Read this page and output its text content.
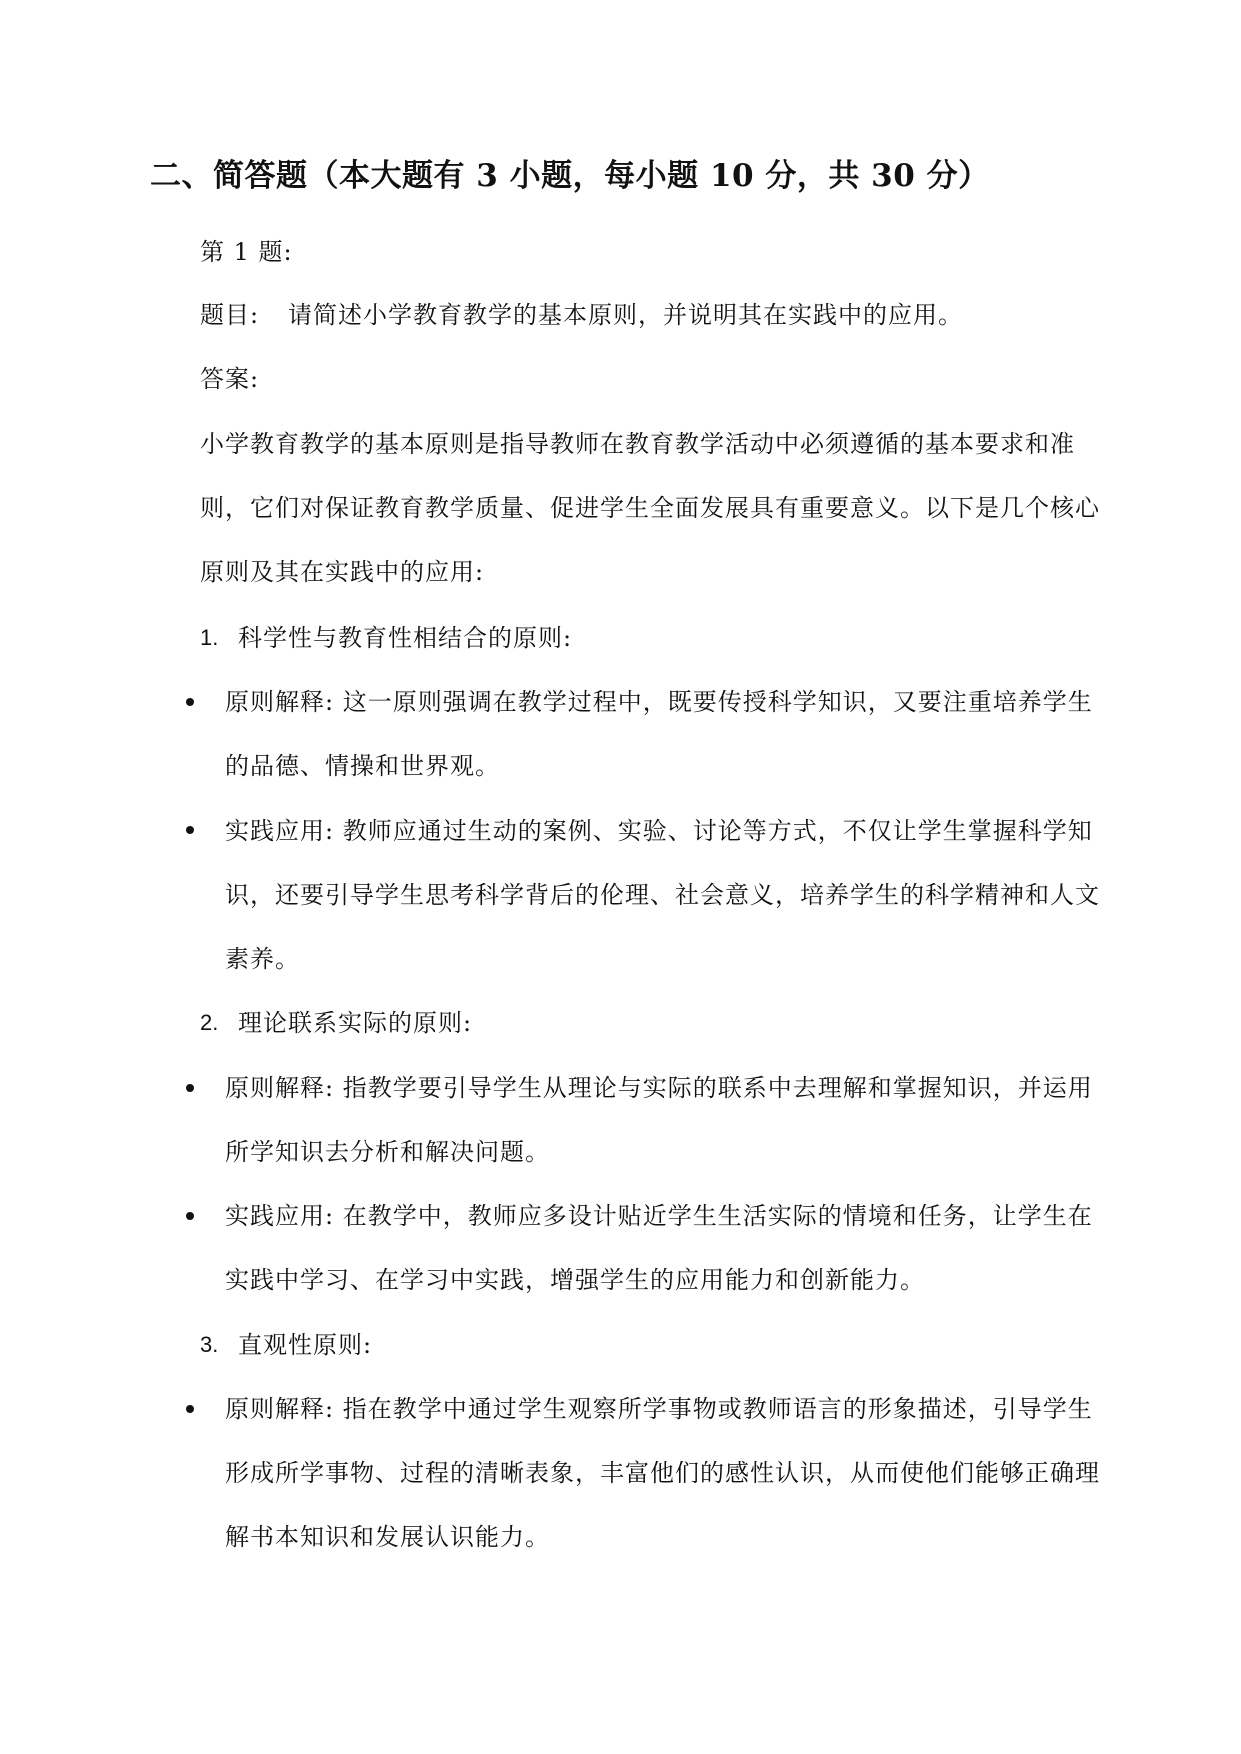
二、简答题（本大题有 3 小题，每小题 10 分，共 30 分）
第 1 题:
题目: 请简述小学教育教学的基本原则，并说明其在实践中的应用。
答案:
小学教育教学的基本原则是指导教师在教育教学活动中必须遵循的基本要求和准
则，它们对保证教育教学质量、促进学生全面发展具有重要意义。以下是几个核心
原则及其在实践中的应用:
1. 科学性与教育性相结合的原则:
原则解释: 这一原则强调在教学过程中，既要传授科学知识，又要注重培养学生
的品德、情操和世界观。
实践应用: 教师应通过生动的案例、实验、讨论等方式，不仅让学生掌握科学知
识，还要引导学生思考科学背后的伦理、社会意义，培养学生的科学精神和人文
素养。
2. 理论联系实际的原则:
原则解释: 指教学要引导学生从理论与实际的联系中去理解和掌握知识，并运用
所学知识去分析和解决问题。
实践应用: 在教学中，教师应多设计贴近学生生活实际的情境和任务，让学生在
实践中学习、在学习中实践，增强学生的应用能力和创新能力。
3. 直观性原则:
原则解释: 指在教学中通过学生观察所学事物或教师语言的形象描述，引导学生
形成所学事物、过程的清晰表象，丰富他们的感性认识，从而使他们能够正确理
解书本知识和发展认识能力。
